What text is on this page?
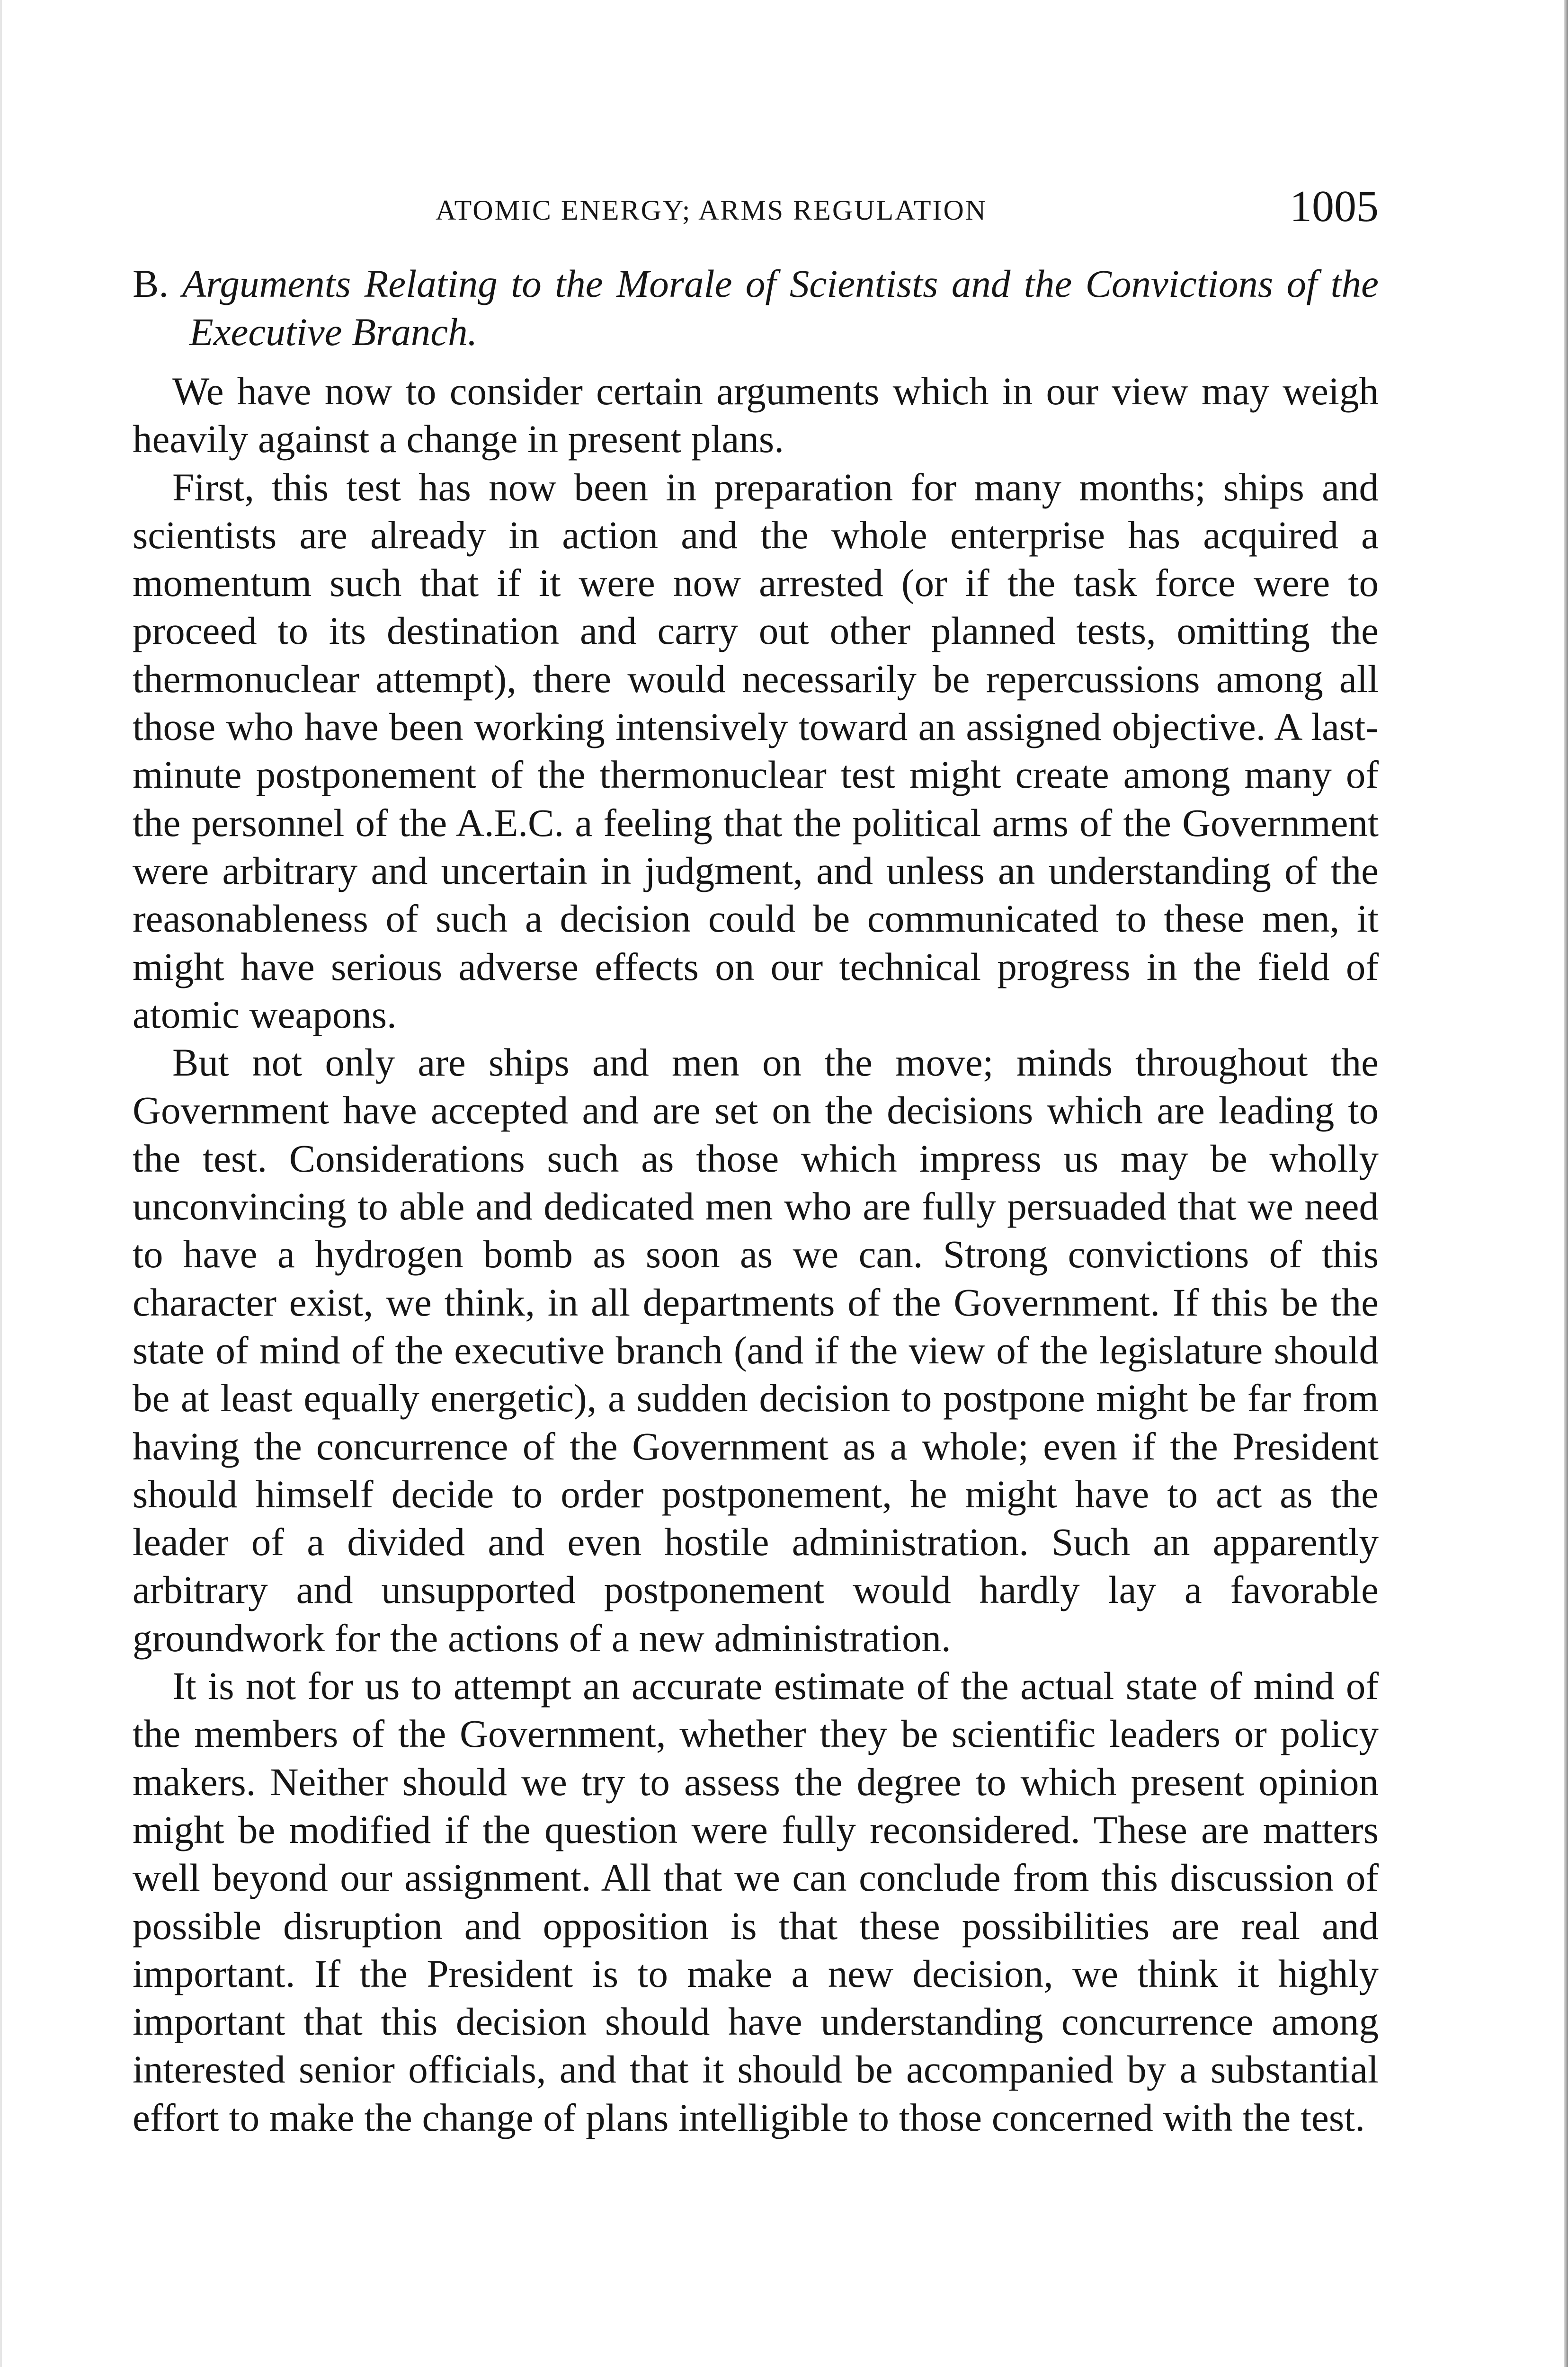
ATOMIC ENERGY; ARMS REGULATION	1005

B. Arguments Relating to the Morale of Scientists and the Convictions of the Executive Branch.

We have now to consider certain arguments which in our view may weigh heavily against a change in present plans.

First, this test has now been in preparation for many months; ships and scientists are already in action and the whole enterprise has acquired a momentum such that if it were now arrested (or if the task force were to proceed to its destination and carry out other planned tests, omitting the thermonuclear attempt), there would necessarily be repercussions among all those who have been working intensively toward an assigned objective. A last-minute postponement of the thermonuclear test might create among many of the personnel of the A.E.C. a feeling that the political arms of the Government were arbitrary and uncertain in judgment, and unless an understanding of the reasonableness of such a decision could be communicated to these men, it might have serious adverse effects on our technical progress in the field of atomic weapons.

But not only are ships and men on the move; minds throughout the Government have accepted and are set on the decisions which are leading to the test. Considerations such as those which impress us may be wholly unconvincing to able and dedicated men who are fully persuaded that we need to have a hydrogen bomb as soon as we can. Strong convictions of this character exist, we think, in all departments of the Government. If this be the state of mind of the executive branch (and if the view of the legislature should be at least equally energetic), a sudden decision to postpone might be far from having the concurrence of the Government as a whole; even if the President should himself decide to order postponement, he might have to act as the leader of a divided and even hostile administration. Such an apparently arbitrary and unsupported postponement would hardly lay a favorable groundwork for the actions of a new administration.

It is not for us to attempt an accurate estimate of the actual state of mind of the members of the Government, whether they be scientific leaders or policy makers. Neither should we try to assess the degree to which present opinion might be modified if the question were fully reconsidered. These are matters well beyond our assignment. All that we can conclude from this discussion of possible disruption and opposition is that these possibilities are real and important. If the President is to make a new decision, we think it highly important that this decision should have understanding concurrence among interested senior officials, and that it should be accompanied by a substantial effort to make the change of plans intelligible to those concerned with the test.
